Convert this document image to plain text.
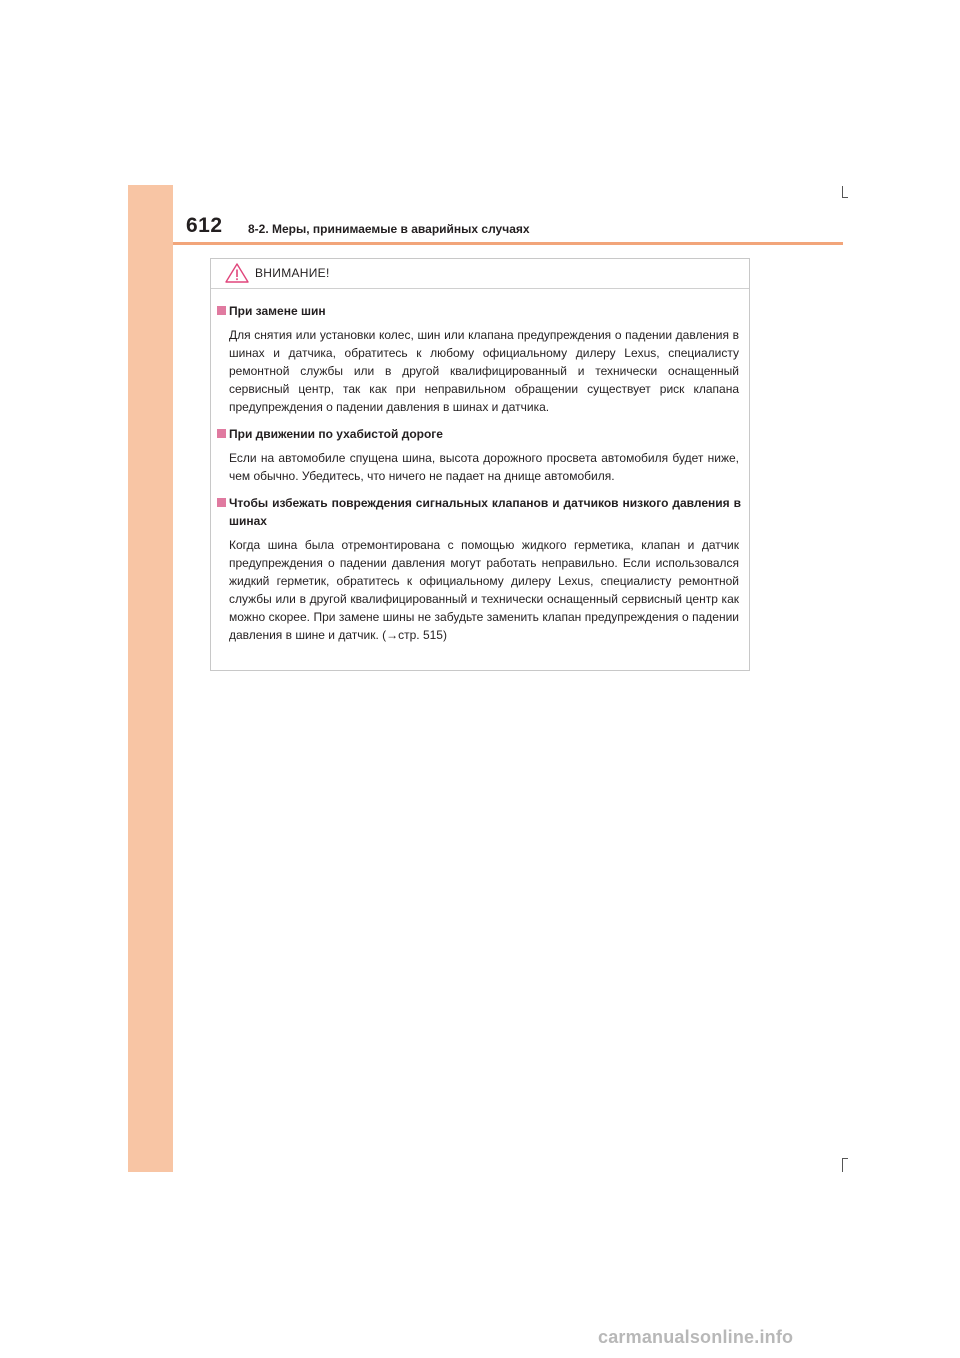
612 8-2. Меры, принимаемые в аварийных случаях
ВНИМАНИЕ!
При замене шин
Для снятия или установки колес, шин или клапана предупреждения о падении давления в шинах и датчика, обратитесь к любому официальному дилеру Lexus, специалисту ремонтной службы или в другой квалифицированный и технически оснащенный сервисный центр, так как при неправильном обращении существует риск клапана предупреждения о падении давления в шинах и датчика.
При движении по ухабистой дороге
Если на автомобиле спущена шина, высота дорожного просвета автомобиля будет ниже, чем обычно. Убедитесь, что ничего не падает на днище автомобиля.
Чтобы избежать повреждения сигнальных клапанов и датчиков низкого давления в шинах
Когда шина была отремонтирована с помощью жидкого герметика, клапан и датчик предупреждения о падении давления могут работать неправильно. Если использовался жидкий герметик, обратитесь к официальному дилеру Lexus, специалисту ремонтной службы или в другой квалифицированный и технически оснащенный сервисный центр как можно скорее. При замене шины не забудьте заменить клапан предупреждения о падении давления в шине и датчик. (→стр. 515)
carmanualsonline.info
